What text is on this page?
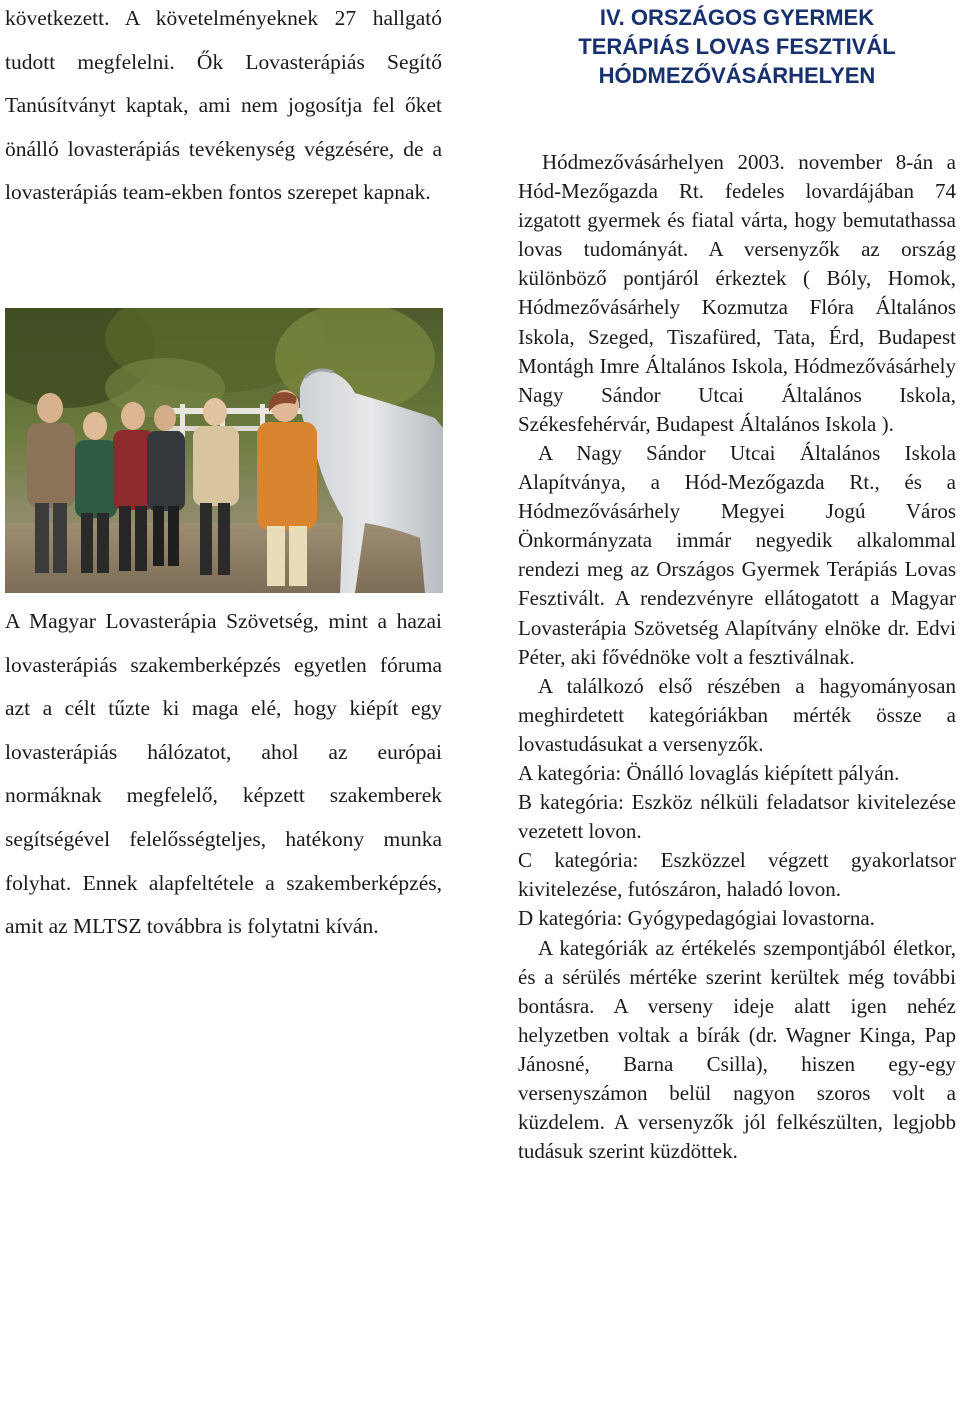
következett. A követelményeknek 27 hallgató tudott megfelelni. Ők Lovasterápiás Segítő Tanúsítványt kaptak, ami nem jogosítja fel őket önálló lovasterápiás tevékenység végzésére, de a lovasterápiás team-ekben fontos szerepet kapnak.

A Magyar Lovasterápia Szövetség, mint a hazai lovasterápiás szakemberképzés egyetlen fóruma azt a célt tűzte ki maga elé, hogy kiépít egy lovasterápiás hálózatot, ahol az európai normáknak megfelelő, képzett szakemberek segítségével felelősségteljes, hatékony munka folyhat. Ennek alapfeltétele a szakemberképzés, amit az MLTSZ továbbra is folytatni kíván.

IV. ORSZÁGOS GYERMEK
TERÁPIÁS LOVAS FESZTIVÁL
HÓDMEZŐVÁSÁRHELYEN

Hódmezővásárhelyen 2003. november 8-án a Hód-Mezőgazda Rt. fedeles lovardájában 74 izgatott gyermek és fiatal várta, hogy bemutathassa lovas tudományát. A versenyzők az ország különböző pontjáról érkeztek ( Bóly, Homok, Hódmezővásárhely Kozmutza Flóra Általános Iskola, Szeged, Tiszafüred, Tata, Érd, Budapest Montágh Imre Általános Iskola, Hódmezővásárhely Nagy Sándor Utcai Általános Iskola, Székesfehérvár, Budapest Általános Iskola ).

A Nagy Sándor Utcai Általános Iskola Alapítványa, a Hód-Mezőgazda Rt., és a Hódmezővásárhely Megyei Jogú Város Önkormányzata immár negyedik alkalommal rendezi meg az Országos Gyermek Terápiás Lovas Fesztivált. A rendezvényre ellátogatott a Magyar Lovasterápia Szövetség Alapítvány elnöke dr. Edvi Péter, aki fővédnöke volt a fesztiválnak.

A találkozó első részében a hagyományosan meghirdetett kategóriákban mérték össze a lovastudásukat a versenyzők.

A kategória: Önálló lovaglás kiépített pályán.

B kategória: Eszköz nélküli feladatsor kivitelezése vezetett lovon.

C kategória: Eszközzel végzett gyakorlatsor kivitelezése, futószáron, haladó lovon.

D kategória: Gyógypedagógiai lovastorna.

A kategóriák az értékelés szempontjából életkor, és a sérülés mértéke szerint kerültek még további bontásra. A verseny ideje alatt igen nehéz helyzetben voltak a bírák (dr. Wagner Kinga, Pap Jánosné, Barna Csilla), hiszen egy-egy versenyszámon belül nagyon szoros volt a küzdelem. A versenyzők jól felkészülten, legjobb tudásuk szerint küzdöttek.
